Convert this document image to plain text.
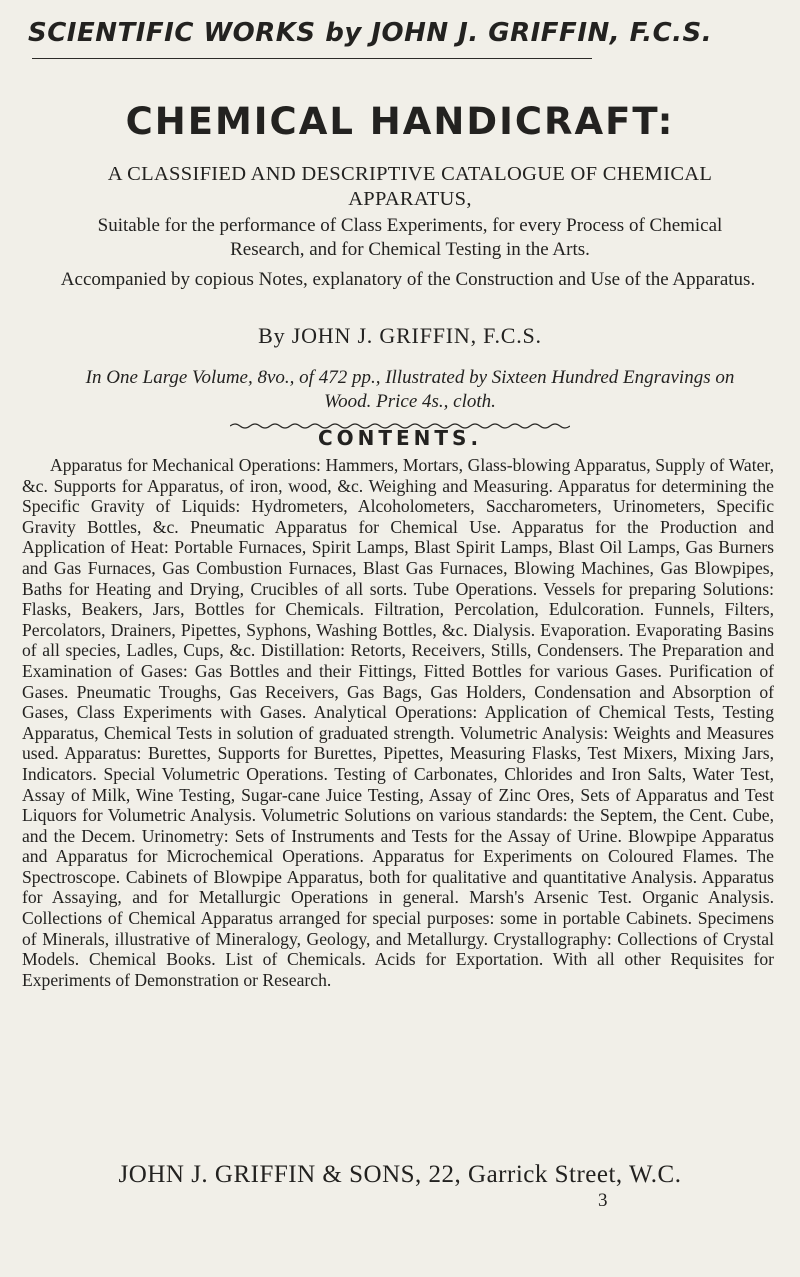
SCIENTIFIC WORKS by JOHN J. GRIFFIN, F.C.S.
CHEMICAL HANDICRAFT:
A CLASSIFIED AND DESCRIPTIVE CATALOGUE OF CHEMICAL APPARATUS,
Suitable for the performance of Class Experiments, for every Process of Chemical Research, and for Chemical Testing in the Arts.
Accompanied by copious Notes, explanatory of the Construction and Use of the Apparatus.
By JOHN J. GRIFFIN, F.C.S.
In One Large Volume, 8vo., of 472 pp., Illustrated by Sixteen Hundred Engravings on Wood. Price 4s., cloth.
CONTENTS.
Apparatus for Mechanical Operations: Hammers, Mortars, Glass-blowing Apparatus, Supply of Water, &c. Supports for Apparatus, of iron, wood, &c. Weighing and Measuring. Apparatus for determining the Specific Gravity of Liquids: Hydrometers, Alcoholometers, Saccharometers, Urinometers, Specific Gravity Bottles, &c. Pneumatic Apparatus for Chemical Use. Apparatus for the Production and Application of Heat: Portable Furnaces, Spirit Lamps, Blast Spirit Lamps, Blast Oil Lamps, Gas Burners and Gas Furnaces, Gas Combustion Furnaces, Blast Gas Furnaces, Blowing Machines, Gas Blowpipes, Baths for Heating and Drying, Crucibles of all sorts. Tube Operations. Vessels for preparing Solutions: Flasks, Beakers, Jars, Bottles for Chemicals. Filtration, Percolation, Edulcoration. Funnels, Filters, Percolators, Drainers, Pipettes, Syphons, Washing Bottles, &c. Dialysis. Evaporation. Evaporating Basins of all species, Ladles, Cups, &c. Distillation: Retorts, Receivers, Stills, Condensers. The Preparation and Examination of Gases: Gas Bottles and their Fittings, Fitted Bottles for various Gases. Purification of Gases. Pneumatic Troughs, Gas Receivers, Gas Bags, Gas Holders, Condensation and Absorption of Gases, Class Experiments with Gases. Analytical Operations: Application of Chemical Tests, Testing Apparatus, Chemical Tests in solution of graduated strength. Volumetric Analysis: Weights and Measures used. Apparatus: Burettes, Supports for Burettes, Pipettes, Measuring Flasks, Test Mixers, Mixing Jars, Indicators. Special Volumetric Operations. Testing of Carbonates, Chlorides and Iron Salts, Water Test, Assay of Milk, Wine Testing, Sugar-cane Juice Testing, Assay of Zinc Ores, Sets of Apparatus and Test Liquors for Volumetric Analysis. Volumetric Solutions on various standards: the Septem, the Cent. Cube, and the Decem. Urinometry: Sets of Instruments and Tests for the Assay of Urine. Blowpipe Apparatus and Apparatus for Microchemical Operations. Apparatus for Experiments on Coloured Flames. The Spectroscope. Cabinets of Blowpipe Apparatus, both for qualitative and quantitative Analysis. Apparatus for Assaying, and for Metallurgic Operations in general. Marsh's Arsenic Test. Organic Analysis. Collections of Chemical Apparatus arranged for special purposes: some in portable Cabinets. Specimens of Minerals, illustrative of Mineralogy, Geology, and Metallurgy. Crystallography: Collections of Crystal Models. Chemical Books. List of Chemicals. Acids for Exportation. With all other Requisites for Experiments of Demonstration or Research.
JOHN J. GRIFFIN & SONS, 22, Garrick Street, W.C.
3
